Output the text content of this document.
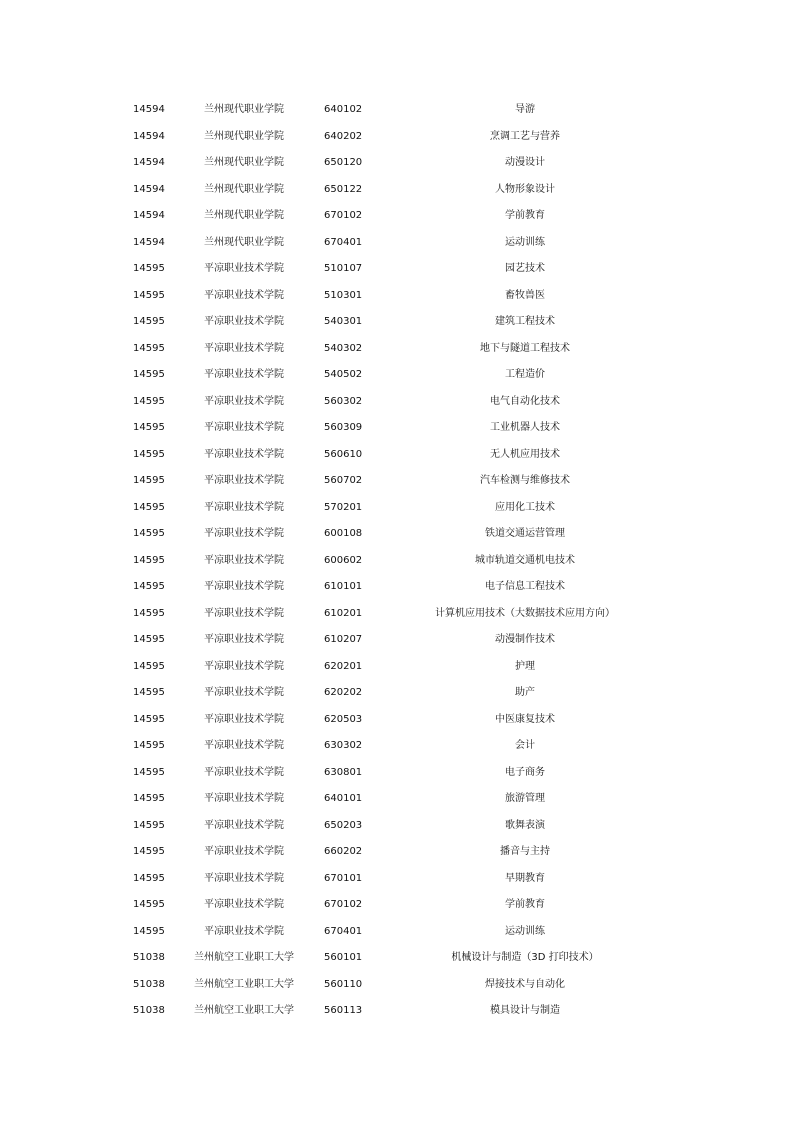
14594	兰州现代职业学院	640102	导游
14594	兰州现代职业学院	640202	烹调工艺与营养
14594	兰州现代职业学院	650120	动漫设计
14594	兰州现代职业学院	650122	人物形象设计
14594	兰州现代职业学院	670102	学前教育
14594	兰州现代职业学院	670401	运动训练
14595	平凉职业技术学院	510107	园艺技术
14595	平凉职业技术学院	510301	畜牧兽医
14595	平凉职业技术学院	540301	建筑工程技术
14595	平凉职业技术学院	540302	地下与隧道工程技术
14595	平凉职业技术学院	540502	工程造价
14595	平凉职业技术学院	560302	电气自动化技术
14595	平凉职业技术学院	560309	工业机器人技术
14595	平凉职业技术学院	560610	无人机应用技术
14595	平凉职业技术学院	560702	汽车检测与维修技术
14595	平凉职业技术学院	570201	应用化工技术
14595	平凉职业技术学院	600108	铁道交通运营管理
14595	平凉职业技术学院	600602	城市轨道交通机电技术
14595	平凉职业技术学院	610101	电子信息工程技术
14595	平凉职业技术学院	610201	计算机应用技术（大数据技术应用方向）
14595	平凉职业技术学院	610207	动漫制作技术
14595	平凉职业技术学院	620201	护理
14595	平凉职业技术学院	620202	助产
14595	平凉职业技术学院	620503	中医康复技术
14595	平凉职业技术学院	630302	会计
14595	平凉职业技术学院	630801	电子商务
14595	平凉职业技术学院	640101	旅游管理
14595	平凉职业技术学院	650203	歌舞表演
14595	平凉职业技术学院	660202	播音与主持
14595	平凉职业技术学院	670101	早期教育
14595	平凉职业技术学院	670102	学前教育
14595	平凉职业技术学院	670401	运动训练
51038	兰州航空工业职工大学	560101	机械设计与制造（3D 打印技术）
51038	兰州航空工业职工大学	560110	焊接技术与自动化
51038	兰州航空工业职工大学	560113	模具设计与制造
